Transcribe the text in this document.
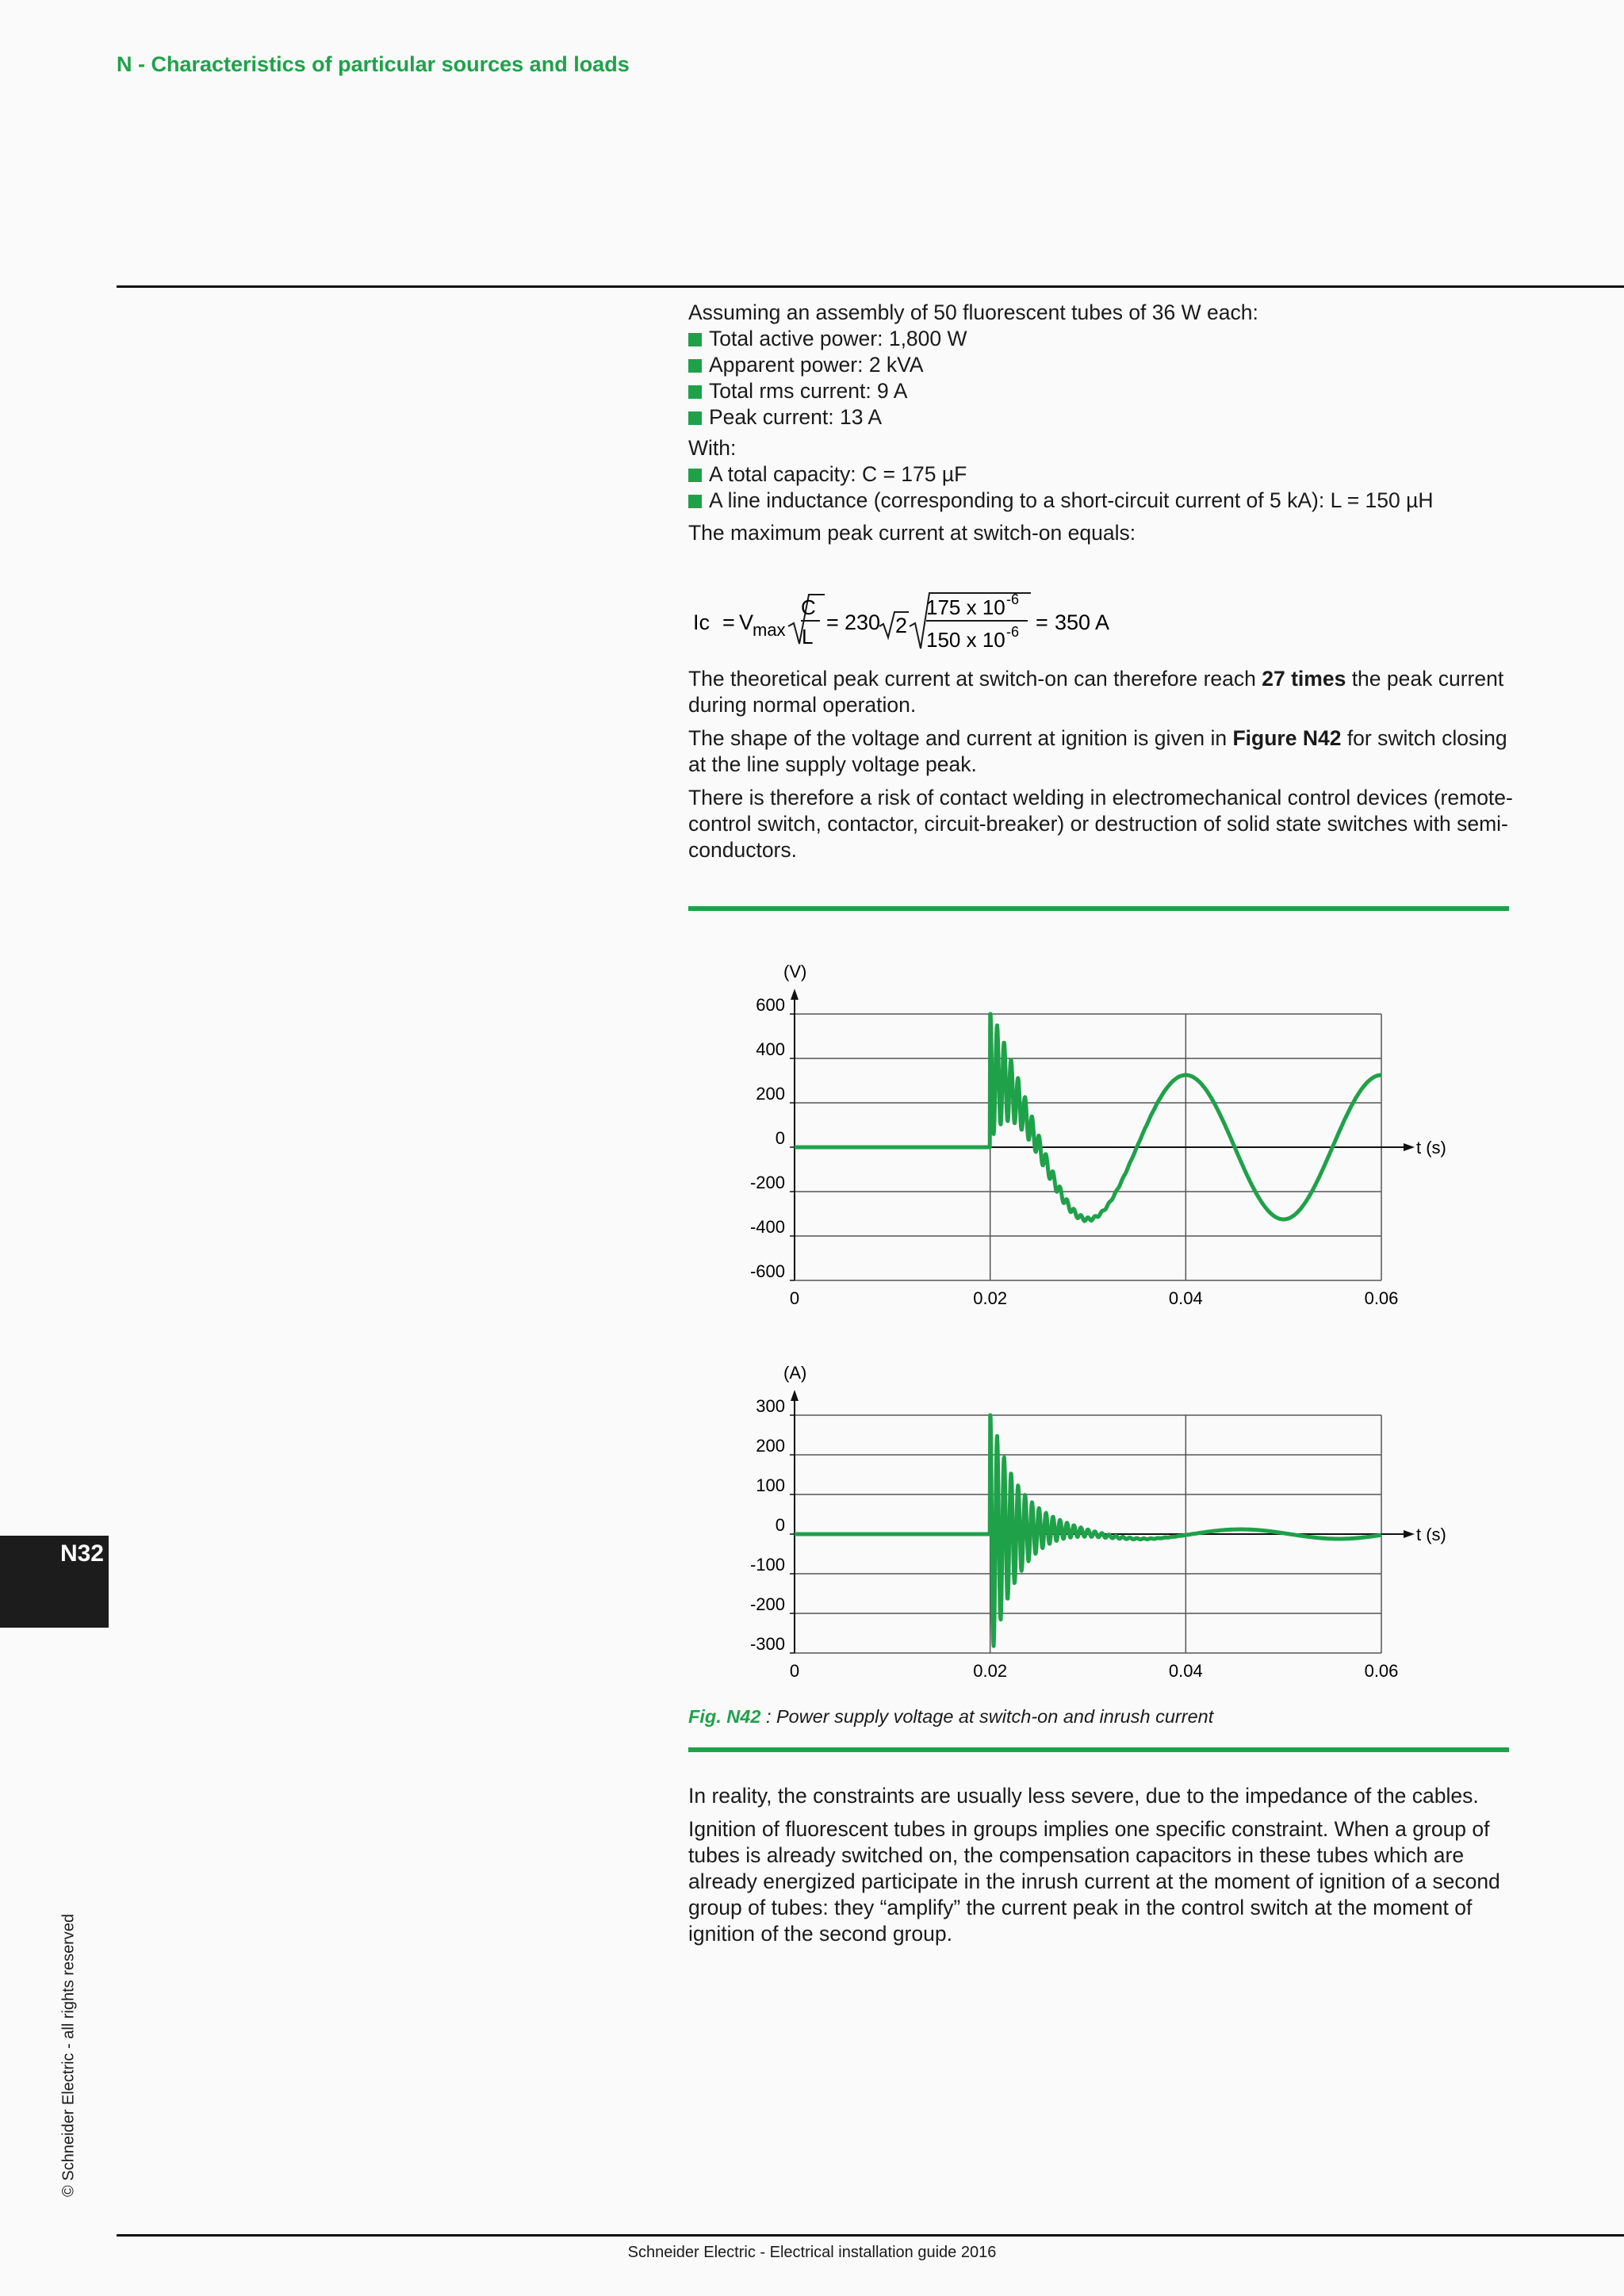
N - Characteristics of particular sources and loads

Assuming an assembly of 50 fluorescent tubes of 36 W each:

Total active power: 1,800 W
Apparent power: 2 kVA
Total rms current: 9 A
Peak current: 13 A

With:

A total capacity: C = 175 µF
A line inductance (corresponding to a short-circuit current of 5 kA): L = 150 µH

The maximum peak current at switch-on equals:

Ic = V
max
C
L
= 230 2
175 x 10 -6
150 x 10 -6 = 350 A

The theoretical peak current at switch-on can therefore reach 27 times the peak current during normal operation.

The shape of the voltage and current at ignition is given in Figure N42 for switch closing at the line supply voltage peak.

There is therefore a risk of contact welding in electromechanical control devices (remote-control switch, contactor, circuit-breaker) or destruction of solid state switches with semi-conductors.

600
400
200
0
-200
-400
-600
0	0.02	0.04	0.06
(V)
t (s)
300
200
100
0
-100
-200
-300
0	0.02	0.04	0.06
(A)
t (s)
Fig. N42 : Power supply voltage at switch-on and inrush current

In reality, the constraints are usually less severe, due to the impedance of the cables.

Ignition of fluorescent tubes in groups implies one specific constraint. When a group of tubes is already switched on, the compensation capacitors in these tubes which are already energized participate in the inrush current at the moment of ignition of a second group of tubes: they “amplify” the current peak in the control switch at the moment of ignition of the second group.

N32
© Schneider Electric - all rights reserved
Schneider Electric - Electrical installation guide 2016
